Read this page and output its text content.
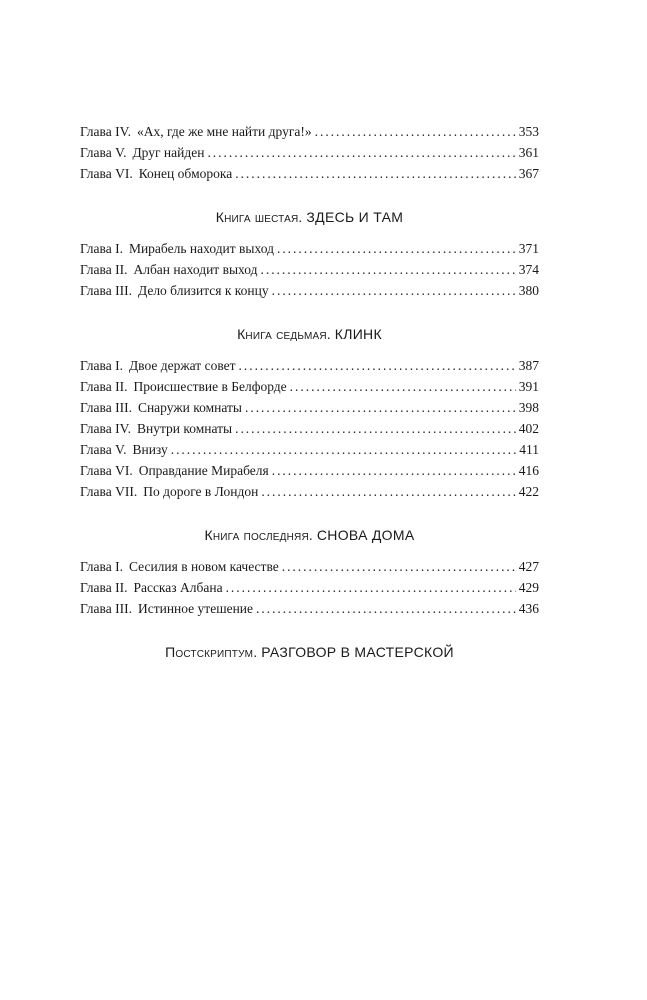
Глава IV. «Ах, где же мне найти друга!» . . .	353
Глава V. Друг найден . . .	361
Глава VI. Конец обморока . . .	367
Книга шестая. ЗДЕСЬ И ТАМ
Глава I. Мирабель находит выход . . .	371
Глава II. Албан находит выход . . .	374
Глава III. Дело близится к концу . . .	380
Книга седьмая. КЛИНК
Глава I. Двое держат совет . . .	387
Глава II. Происшествие в Белфорде . . .	391
Глава III. Снаружи комнаты . . .	398
Глава IV. Внутри комнаты . . .	402
Глава V. Внизу . . .	411
Глава VI. Оправдание Мирабеля . . .	416
Глава VII. По дороге в Лондон . . .	422
Книга последняя. СНОВА ДОМА
Глава I. Сесилия в новом качестве . . .	427
Глава II. Рассказ Албана . . .	429
Глава III. Истинное утешение . . .	436
Постскриптум. РАЗГОВОР В МАСТЕРСКОЙ
